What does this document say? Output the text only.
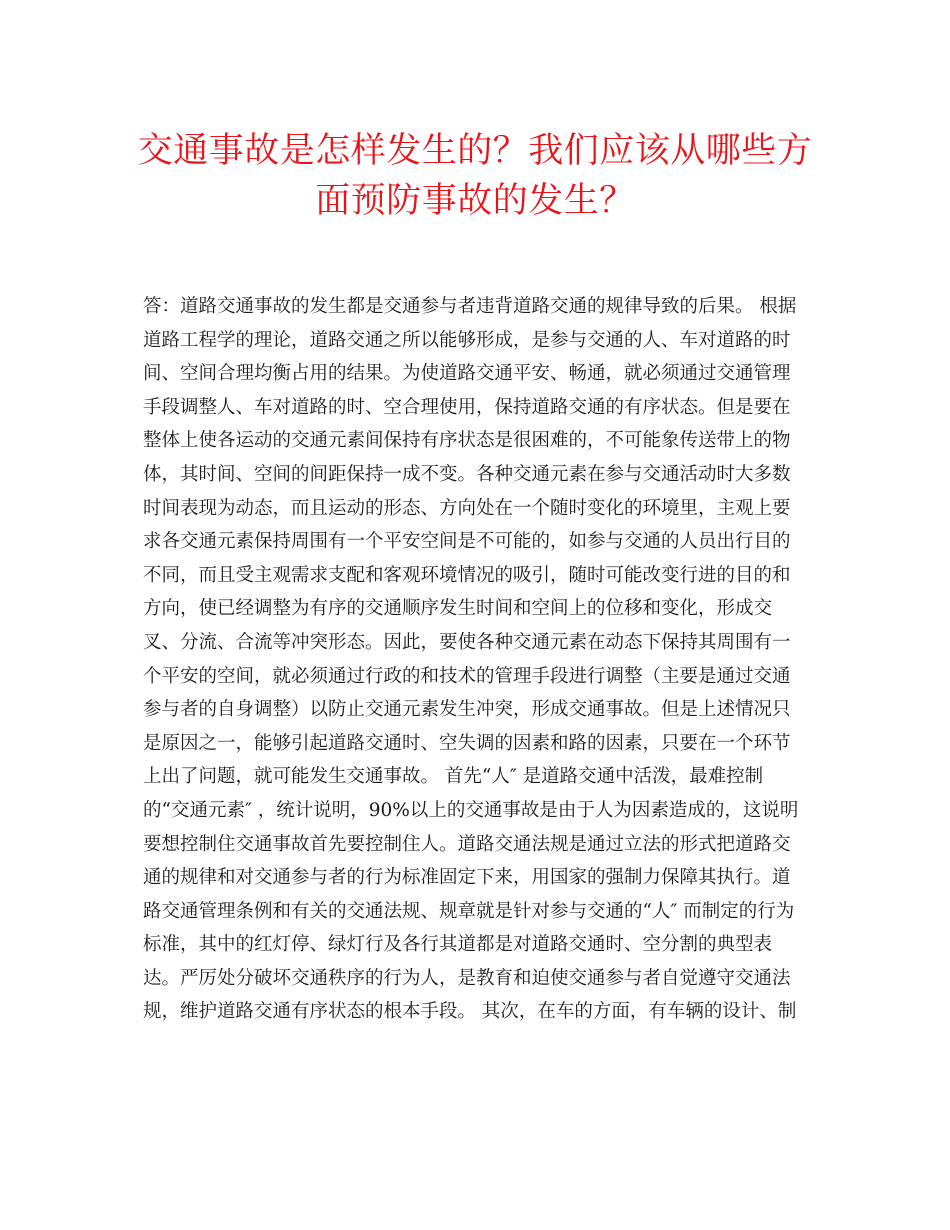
交通事故是怎样发生的？我们应该从哪些方
面预防事故的发生？
答：道路交通事故的发生都是交通参与者违背道路交通的规律导致的后果。 根据
道路工程学的理论，道路交通之所以能够形成，是参与交通的人、车对道路的时
间、空间合理均衡占用的结果。为使道路交通平安、畅通，就必须通过交通管理
手段调整人、车对道路的时、空合理使用，保持道路交通的有序状态。但是要在
整体上使各运动的交通元素间保持有序状态是很困难的，不可能象传送带上的物
体，其时间、空间的间距保持一成不变。各种交通元素在参与交通活动时大多数
时间表现为动态，而且运动的形态、方向处在一个随时变化的环境里，主观上要
求各交通元素保持周围有一个平安空间是不可能的，如参与交通的人员出行目的
不同，而且受主观需求支配和客观环境情况的吸引，随时可能改变行进的目的和
方向，使已经调整为有序的交通顺序发生时间和空间上的位移和变化，形成交
叉、分流、合流等冲突形态。因此，要使各种交通元素在动态下保持其周围有一
个平安的空间，就必须通过行政的和技术的管理手段进行调整（主要是通过交通
参与者的自身调整）以防止交通元素发生冲突，形成交通事故。但是上述情况只
是原因之一，能够引起道路交通时、空失调的因素和路的因素，只要在一个环节
上出了问题，就可能发生交通事故。 首先“人″ 是道路交通中活泼，最难控制
的“交通元素″ ，统计说明，90%以上的交通事故是由于人为因素造成的，这说明
要想控制住交通事故首先要控制住人。道路交通法规是通过立法的形式把道路交
通的规律和对交通参与者的行为标准固定下来，用国家的强制力保障其执行。道
路交通管理条例和有关的交通法规、规章就是针对参与交通的“人″ 而制定的行为
标准，其中的红灯停、绿灯行及各行其道都是对道路交通时、空分割的典型表
达。严厉处分破坏交通秩序的行为人，是教育和迫使交通参与者自觉遵守交通法
规，维护道路交通有序状态的根本手段。 其次，在车的方面，有车辆的设计、制
